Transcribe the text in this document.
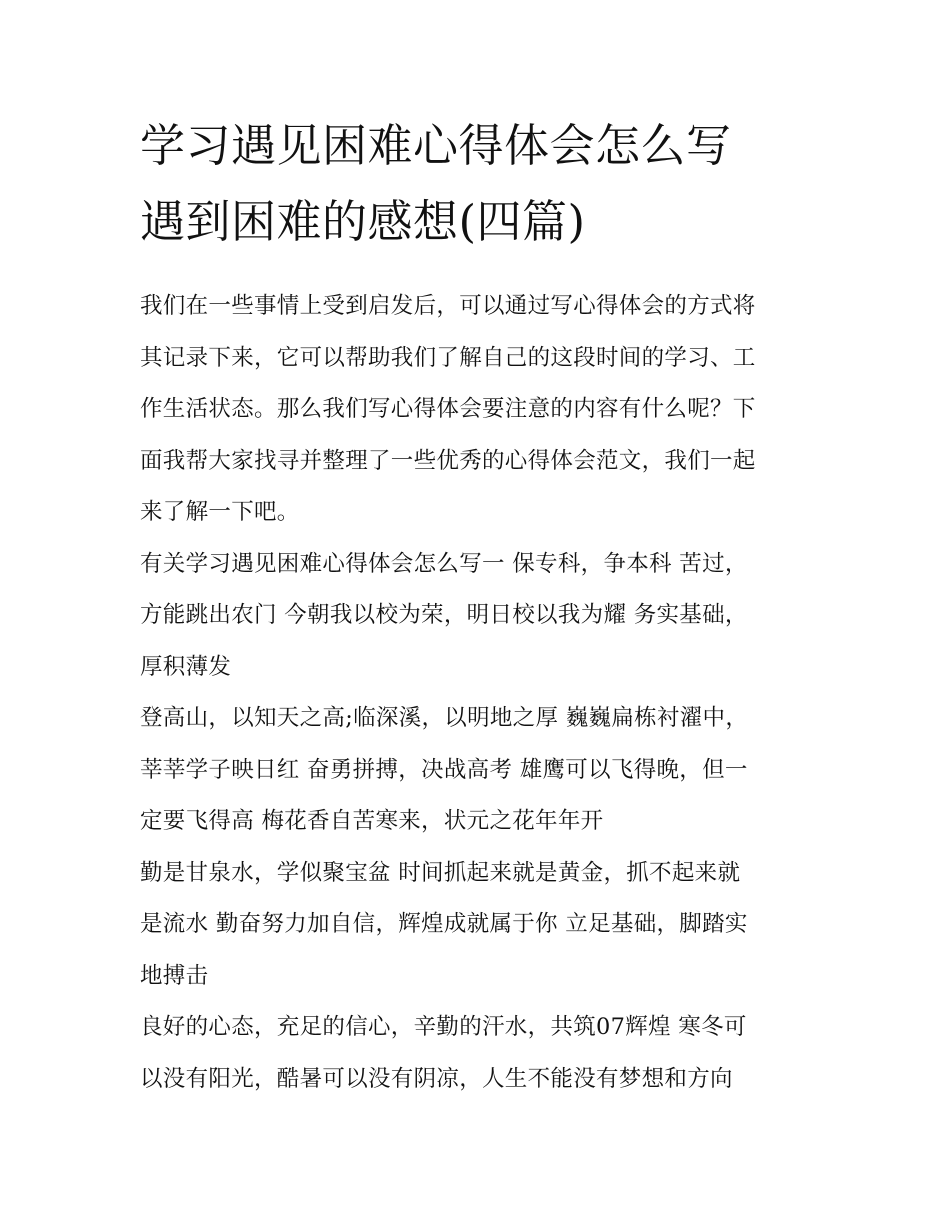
学习遇见困难心得体会怎么写
遇到困难的感想(四篇)
我们在一些事情上受到启发后，可以通过写心得体会的方式将
其记录下来，它可以帮助我们了解自己的这段时间的学习、工
作生活状态。那么我们写心得体会要注意的内容有什么呢？下
面我帮大家找寻并整理了一些优秀的心得体会范文，我们一起
来了解一下吧。
有关学习遇见困难心得体会怎么写一 保专科，争本科 苦过，
方能跳出农门 今朝我以校为荣，明日校以我为耀 务实基础，
厚积薄发
登高山，以知天之高;临深溪，以明地之厚 巍巍扁栋衬濯中，
莘莘学子映日红 奋勇拼搏，决战高考 雄鹰可以飞得晚，但一
定要飞得高 梅花香自苦寒来，状元之花年年开
勤是甘泉水，学似聚宝盆 时间抓起来就是黄金，抓不起来就
是流水 勤奋努力加自信，辉煌成就属于你 立足基础，脚踏实
地搏击
良好的心态，充足的信心，辛勤的汗水，共筑07辉煌 寒冬可
以没有阳光，酷暑可以没有阴凉，人生不能没有梦想和方向
